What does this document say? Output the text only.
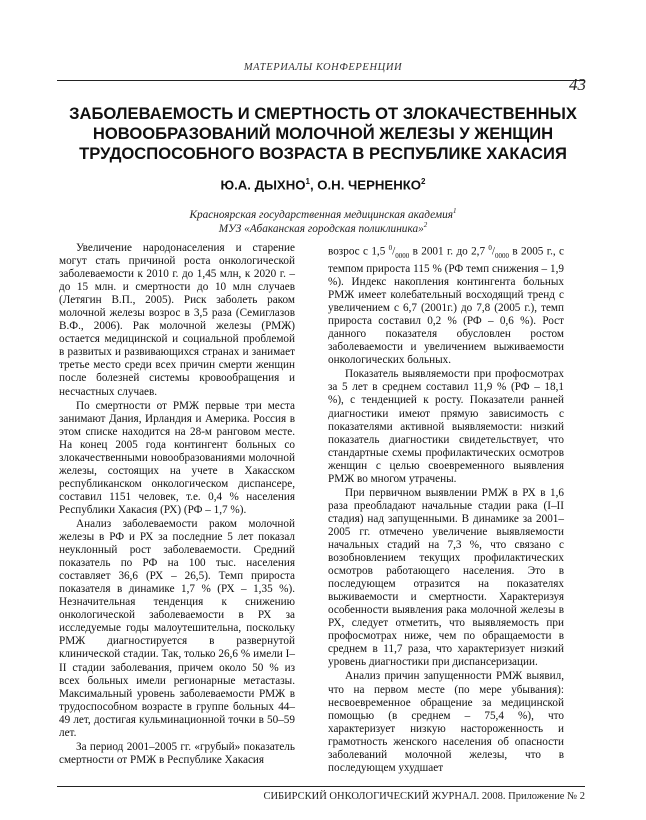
МАТЕРИАЛЫ КОНФЕРЕНЦИИ
43
ЗАБОЛЕВАЕМОСТЬ И СМЕРТНОСТЬ ОТ ЗЛОКАЧЕСТВЕННЫХ НОВООБРАЗОВАНИЙ МОЛОЧНОЙ ЖЕЛЕЗЫ У ЖЕНЩИН ТРУДОСПОСОБНОГО ВОЗРАСТА В РЕСПУБЛИКЕ ХАКАСИЯ
Ю.А. ДЫХНО$^1$, О.Н. ЧЕРНЕНКО$^2$
Красноярская государственная медицинская академия$^1$
МУЗ «Абаканская городская поликлиника»$^2$

Увеличение народонаселения и старение могут стать причиной роста онкологической заболеваемости к 2010 г. до 1,45 млн, к 2020 г. – до 15 млн. и смертности до 10 млн случаев (Летягин В.П., 2005). Риск заболеть раком молочной железы возрос в 3,5 раза (Семиглазов В.Ф., 2006). Рак молочной железы (РМЖ) остается медицинской и социальной проблемой в развитых и развивающихся странах и занимает третье место среди всех причин смерти женщин после болезней системы кровообращения и несчастных случаев.

По смертности от РМЖ первые три места занимают Дания, Ирландия и Америка. Россия в этом списке находится на 28-м ранговом месте. На конец 2005 года контингент больных со злокачественными новообразованиями молочной железы, состоящих на учете в Хакасском республиканском онкологическом диспансере, составил 1151 человек, т.е. 0,4 % населения Республики Хакасия (РХ) (РФ – 1,7 %).

Анализ заболеваемости раком молочной железы в РФ и РХ за последние 5 лет показал неуклонный рост заболеваемости. Средний показатель по РФ на 100 тыс. населения составляет 36,6 (РХ – 26,5). Темп прироста показателя в динамике 1,7 % (РХ – 1,35 %). Незначительная тенденция к снижению онкологической заболеваемости в РХ за исследуемые годы малоутешительна, поскольку РМЖ диагностируется в развернутой клинической стадии. Так, только 26,6 % имели I–II стадии заболевания, причем около 50 % из всех больных имели регионарные метастазы. Максимальный уровень заболеваемости РМЖ в трудоспособном возрасте в группе больных 44–49 лет, достигая кульминационной точки в 50–59 лет.

За период 2001–2005 гг. «грубый» показатель смертности от РМЖ в Республике Хакасия

возрос с 1,5 $^0/_{0000}$ в 2001 г. до 2,7 $^0/_{0000}$ в 2005 г., с темпом прироста 115 % (РФ темп снижения – 1,9 %). Индекс накопления контингента больных РМЖ имеет колебательный восходящий тренд с увеличением с 6,7 (2001г.) до 7,8 (2005 г.), темп прироста составил 0,2 % (РФ – 0,6 %). Рост данного показателя обусловлен ростом заболеваемости и увеличением выживаемости онкологических больных.

Показатель выявляемости при профосмотрах за 5 лет в среднем составил 11,9 % (РФ – 18,1 %), с тенденцией к росту. Показатели ранней диагностики имеют прямую зависимость с показателями активной выявляемости: низкий показатель диагностики свидетельствует, что стандартные схемы профилактических осмотров женщин с целью своевременного выявления РМЖ во многом утрачены.

При первичном выявлении РМЖ в РХ в 1,6 раза преобладают начальные стадии рака (I–II стадия) над запущенными. В динамике за 2001–2005 гг. отмечено увеличение выявляемости начальных стадий на 7,3 %, что связано с возобновлением текущих профилактических осмотров работающего населения. Это в последующем отразится на показателях выживаемости и смертности. Характеризуя особенности выявления рака молочной железы в РХ, следует отметить, что выявляемость при профосмотрах ниже, чем по обращаемости в среднем в 11,7 раза, что характеризует низкий уровень диагностики при диспансеризации.

Анализ причин запущенности РМЖ выявил, что на первом месте (по мере убывания): несвоевременное обращение за медицинской помощью (в среднем – 75,4 %), что характеризует низкую настороженность и грамотность женского населения об опасности заболеваний молочной железы, что в последующем ухудшает

СИБИРСКИЙ ОНКОЛОГИЧЕСКИЙ ЖУРНАЛ. 2008. Приложение № 2
